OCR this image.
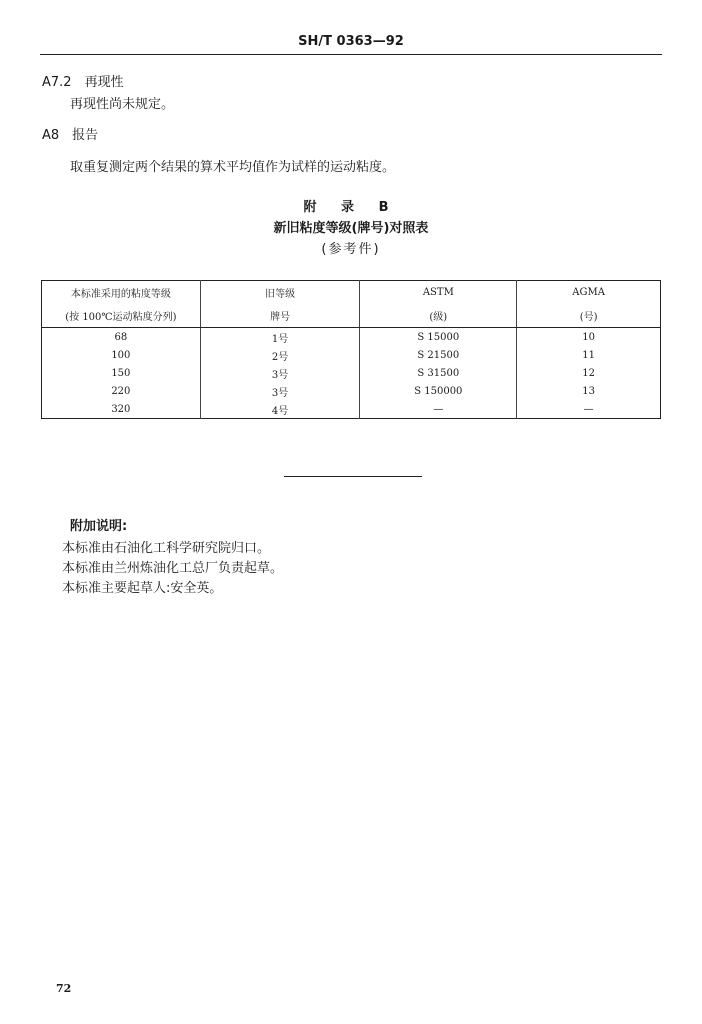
SH/T 0363—92
A7.2　再现性
再现性尚未规定。
A8　报告
取重复测定两个结果的算术平均值作为试样的运动粘度。
附 录 B
新旧粘度等级(牌号)对照表
(参考件)
本标准采用的粘度等级	旧等级	ASTM	AGMA
(按 100℃运动粘度分列)	牌号	(级)	(号)
68	1号	S 15000	10
100	2号	S 21500	11
150	3号	S 31500	12
220	3号	S 150000	13
320	4号	—	—
附加说明:
本标准由石油化工科学研究院归口。
本标准由兰州炼油化工总厂负责起草。
本标准主要起草人:安全英。
72
